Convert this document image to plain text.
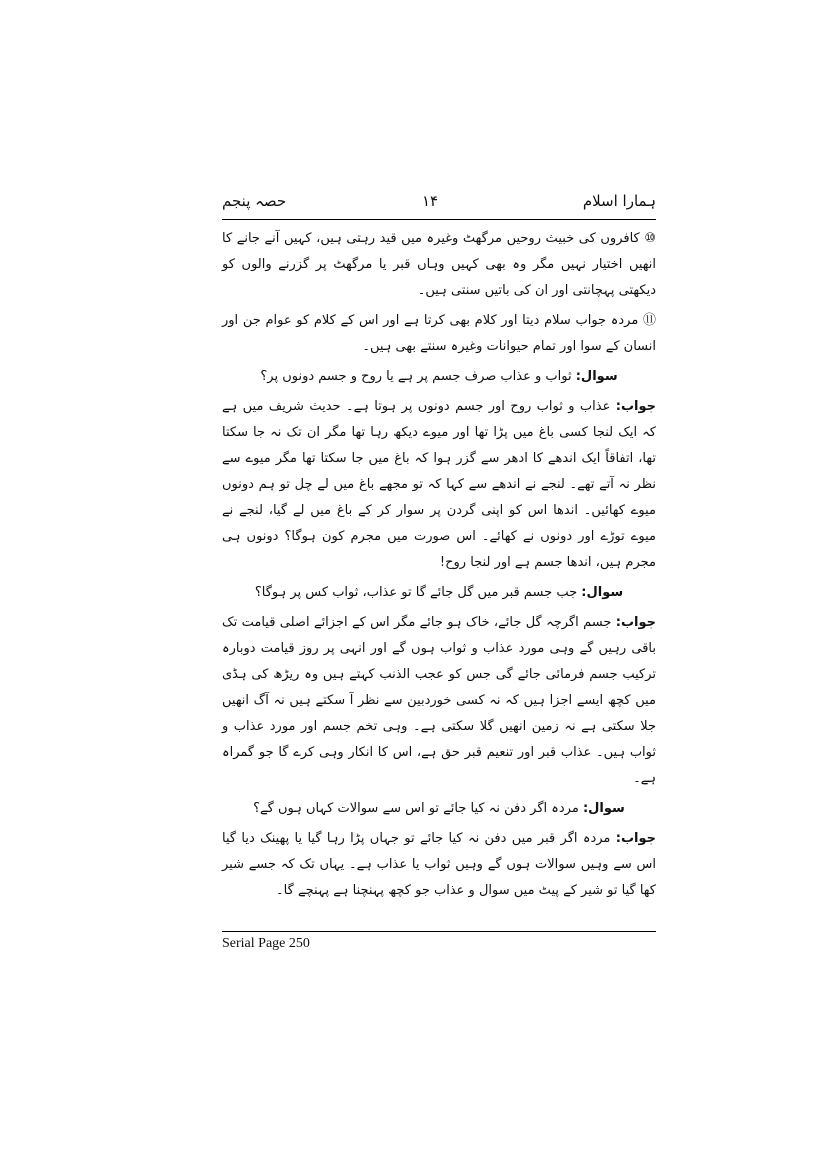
ہمارا اسلام
۱۴
حصہ پنجم

⑩ کافروں کی خبیث روحیں مرگھٹ وغیرہ میں قید رہتی ہیں، کہیں آنے جانے کا انھیں اختیار نہیں مگر وہ بھی کہیں وہاں قبر یا مرگھٹ پر گزرنے والوں کو دیکھتی پہچانتی اور ان کی باتیں سنتی ہیں۔

⑪ مردہ جواب سلام دیتا اور کلام بھی کرتا ہے اور اس کے کلام کو عوام جن اور انسان کے سوا اور تمام حیوانات وغیرہ سنتے بھی ہیں۔

سوال: ثواب و عذاب صرف جسم پر ہے یا روح و جسم دونوں پر؟

جواب: عذاب و ثواب روح اور جسم دونوں پر ہوتا ہے۔ حدیث شریف میں ہے کہ ایک لنجا کسی باغ میں پڑا تھا اور میوے دیکھ رہا تھا مگر ان تک نہ جا سکتا تھا، اتفاقاً ایک اندھے کا ادھر سے گزر ہوا کہ باغ میں جا سکتا تھا مگر میوے سے نظر نہ آتے تھے۔ لنجے نے اندھے سے کہا کہ تو مجھے باغ میں لے چل تو ہم دونوں میوے کھائیں۔ اندھا اس کو اپنی گردن پر سوار کر کے باغ میں لے گیا، لنجے نے میوے توڑے اور دونوں نے کھائے۔ اس صورت میں مجرم کون ہوگا؟ دونوں ہی مجرم ہیں، اندھا جسم ہے اور لنجا روح!

سوال: جب جسم قبر میں گل جائے گا تو عذاب، ثواب کس پر ہوگا؟

جواب: جسم اگرچہ گل جائے، خاک ہو جائے مگر اس کے اجزائے اصلی قیامت تک باقی رہیں گے وہی مورد عذاب و ثواب ہوں گے اور انہی پر روز قیامت دوبارہ ترکیب جسم فرمائی جائے گی جس کو عجب الذنب کہتے ہیں وہ ریڑھ کی ہڈی میں کچھ ایسے اجزا ہیں کہ نہ کسی خوردبین سے نظر آ سکتے ہیں نہ آگ انھیں جلا سکتی ہے نہ زمین انھیں گلا سکتی ہے۔ وہی تخم جسم اور مورد عذاب و ثواب ہیں۔ عذاب قبر اور تنعیم قبر حق ہے، اس کا انکار وہی کرے گا جو گمراہ ہے۔

سوال: مردہ اگر دفن نہ کیا جائے تو اس سے سوالات کہاں ہوں گے؟

جواب: مردہ اگر قبر میں دفن نہ کیا جائے تو جہاں پڑا رہا گیا یا پھینک دیا گیا اس سے وہیں سوالات ہوں گے وہیں ثواب یا عذاب ہے۔ یہاں تک کہ جسے شیر کھا گیا تو شیر کے پیٹ میں سوال و عذاب جو کچھ پہنچنا ہے پہنچے گا۔

Serial Page 250
